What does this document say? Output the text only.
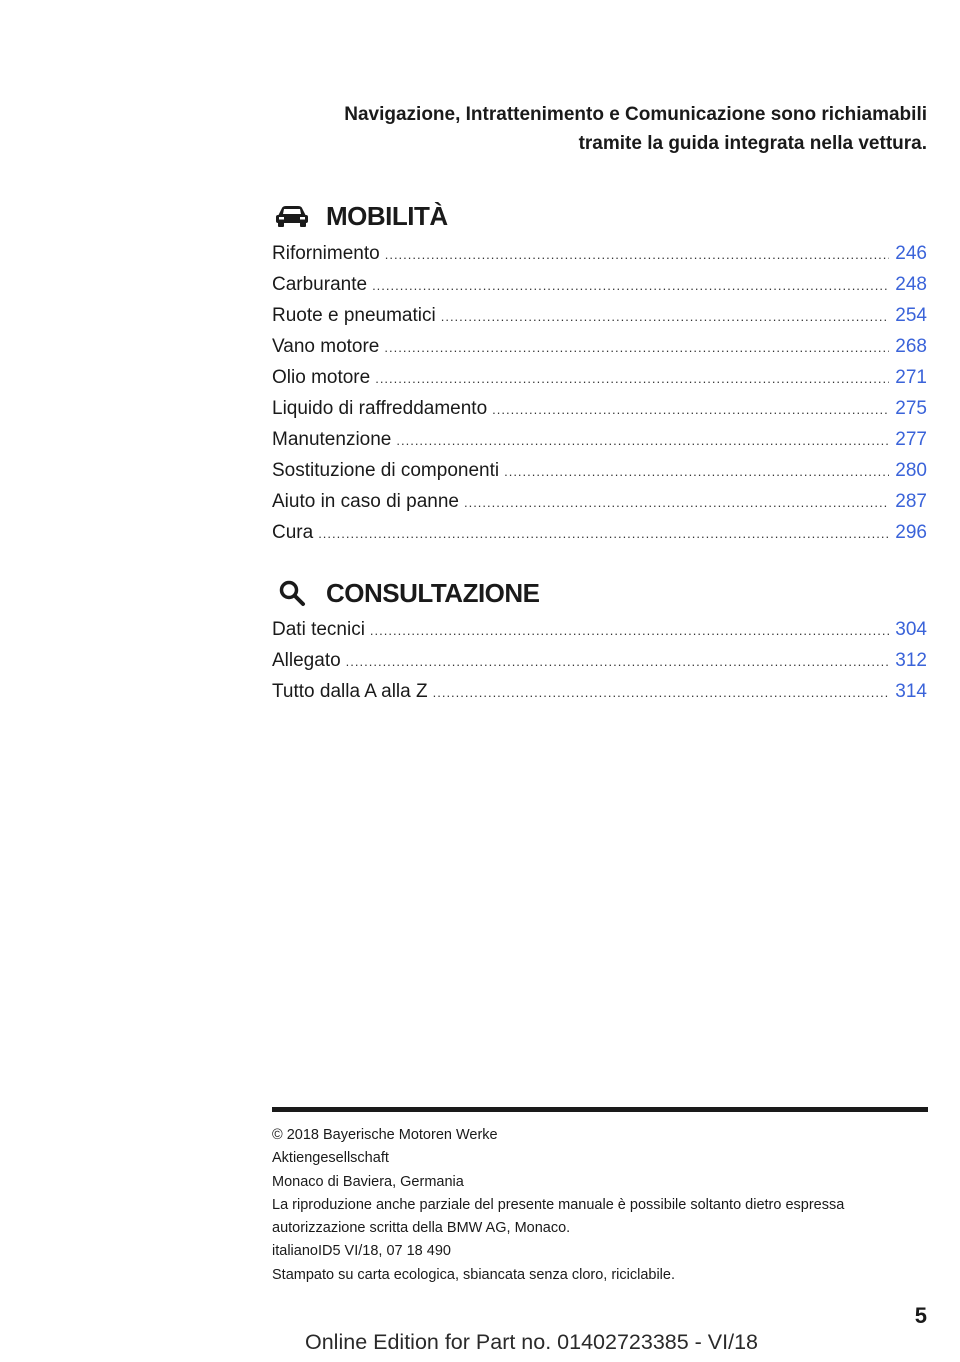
Navigazione, Intrattenimento e Comunicazione sono richiamabili
tramite la guida integrata nella vettura.
MOBILITÀ
Rifornimento .....	246
Carburante .....	248
Ruote e pneumatici .....	254
Vano motore .....	268
Olio motore .....	271
Liquido di raffreddamento .....	275
Manutenzione .....	277
Sostituzione di componenti .....	280
Aiuto in caso di panne .....	287
Cura .....	296
CONSULTAZIONE
Dati tecnici .....	304
Allegato .....	312
Tutto dalla A alla Z .....	314
© 2018 Bayerische Motoren Werke
Aktiengesellschaft
Monaco di Baviera, Germania
La riproduzione anche parziale del presente manuale è possibile soltanto dietro espressa
autorizzazione scritta della BMW AG, Monaco.
italianoID5 VI/18, 07 18 490
Stampato su carta ecologica, sbiancata senza cloro, riciclabile.
5
Online Edition for Part no. 01402723385 - VI/18
